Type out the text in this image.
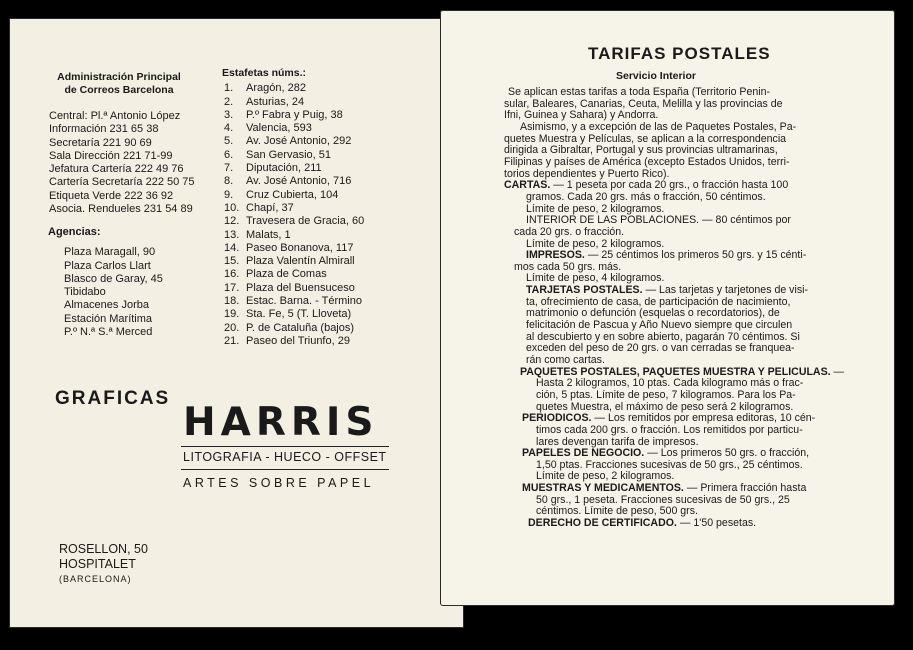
Administración Principal
de Correos Barcelona
Central: Pl.ª Antonio López
Información 231 65 38
Secretaría 221 90 69
Sala Dirección 221 71-99
Jefatura Cartería 222 49 76
Cartería Secretaría 222 50 75
Etiqueta Verde 222 36 92
Asocia. Rendueles 231 54 89
Agencias:
Plaza Maragall, 90
Plaza Carlos Llart
Blasco de Garay, 45
Tibidabo
Almacenes Jorba
Estación Marítima
P.º N.ª S.ª Merced
Estafetas núms.:
1. Aragón, 282
2. Asturias, 24
3. P.º Fabra y Puig, 38
4. Valencia, 593
5. Av. José Antonio, 292
6. San Gervasio, 51
7. Diputación, 211
8. Av. José Antonio, 716
9. Cruz Cubierta, 104
10. Chapí, 37
12. Travesera de Gracia, 60
13. Malats, 1
14. Paseo Bonanova, 117
15. Plaza Valentín Almirall
16. Plaza de Comas
17. Plaza del Buensuceso
18. Estac. Barna. - Término
19. Sta. Fe, 5 (T. Lloveta)
20. P. de Cataluña (bajos)
21. Paseo del Triunfo, 29
GRAFICAS
HARRIS
LITOGRAFIA - HUECO - OFFSET
ARTES SOBRE PAPEL
ROSELLON, 50
HOSPITALET
(BARCELONA)
TARIFAS POSTALES
Servicio Interior
Se aplican estas tarifas a toda España (Territorio Penin-
sular, Baleares, Canarias, Ceuta, Melilla y las provincias de
Ifni, Guinea y Sahara) y Andorra.
Asimismo, y a excepción de las de Paquetes Postales, Pa-
quetes Muestra y Películas, se aplican a la correspondencia
dirigida a Gibraltar, Portugal y sus provincias ultramarinas,
Filipinas y países de América (excepto Estados Unidos, terri-
torios dependientes y Puerto Rico).
CARTAS. — 1 peseta por cada 20 grs., o fracción hasta 100
gramos. Cada 20 grs. más o fracción, 50 céntimos.
Límite de peso, 2 kilogramos.
INTERIOR DE LAS POBLACIONES. — 80 céntimos por
cada 20 grs. o fracción.
Límite de peso, 2 kilogramos.
IMPRESOS. — 25 céntimos los primeros 50 grs. y 15 cénti-
mos cada 50 grs. más.
Límite de peso, 4 kilogramos.
TARJETAS POSTALES. — Las tarjetas y tarjetones de visi-
ta, ofrecimiento de casa, de participación de nacimiento,
matrimonio o defunción (esquelas o recordatorios), de
felicitación de Pascua y Año Nuevo siempre que circulen
al descubierto y en sobre abierto, pagarán 70 céntimos. Si
exceden del peso de 20 grs. o van cerradas se franquea-
rán como cartas.
PAQUETES POSTALES, PAQUETES MUESTRA Y PELICULAS. —
Hasta 2 kilogramos, 10 ptas. Cada kilogramo más o frac-
ción, 5 ptas. Límite de peso, 7 kilogramos. Para los Pa-
quetes Muestra, el máximo de peso será 2 kilogramos.
PERIODICOS. — Los remitidos por empresa editoras, 10 cén-
timos cada 200 grs. o fracción. Los remitidos por particu-
lares devengan tarifa de impresos.
PAPELES DE NEGOCIO. — Los primeros 50 grs. o fracción,
1,50 ptas. Fracciones sucesivas de 50 grs., 25 céntimos.
Límite de peso, 2 kilogramos.
MUESTRAS Y MEDICAMENTOS. — Primera fracción hasta
50 grs., 1 peseta. Fracciones sucesivas de 50 grs., 25
céntimos. Límite de peso, 500 grs.
DERECHO DE CERTIFICADO. — 1'50 pesetas.
